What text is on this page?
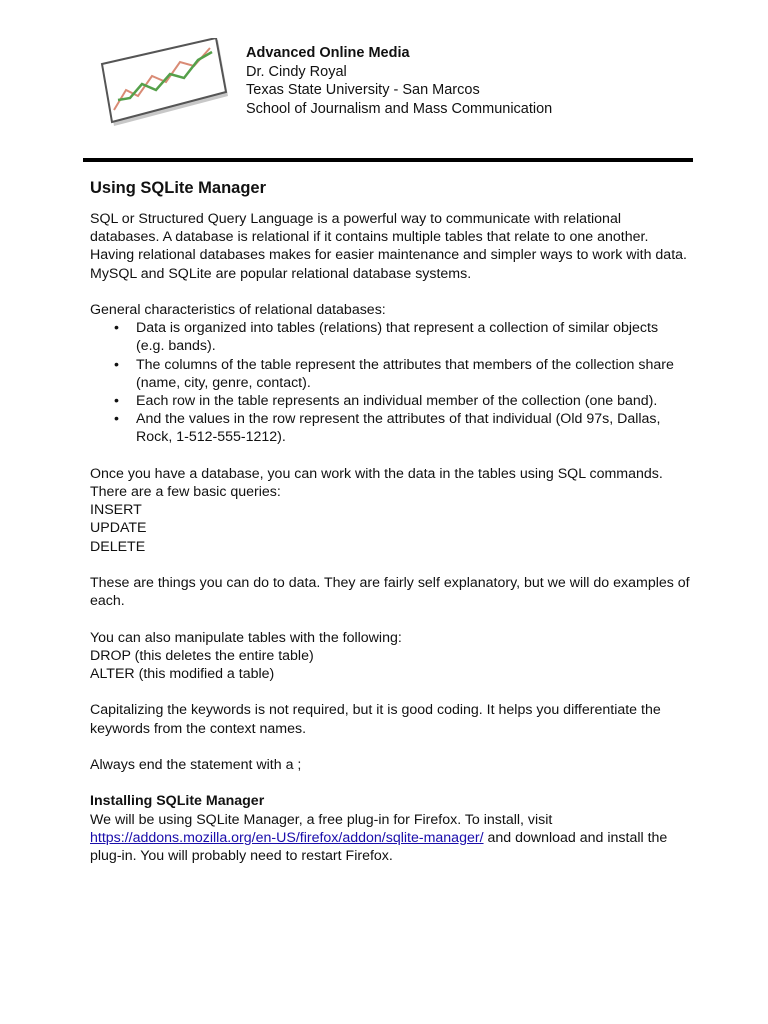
Advanced Online Media
Dr. Cindy Royal
Texas State University - San Marcos
School of Journalism and Mass Communication
Using SQLite Manager

SQL or Structured Query Language is a powerful way to communicate with relational databases. A database is relational if it contains multiple tables that relate to one another. Having relational databases makes for easier maintenance and simpler ways to work with data. MySQL and SQLite are popular relational database systems.

General characteristics of relational databases:

• Data is organized into tables (relations) that represent a collection of similar objects (e.g. bands).
• The columns of the table represent the attributes that members of the collection share (name, city, genre, contact).
• Each row in the table represents an individual member of the collection (one band).
• And the values in the row represent the attributes of that individual (Old 97s, Dallas, Rock, 1-512-555-1212).

Once you have a database, you can work with the data in the tables using SQL commands. There are a few basic queries:

INSERT
UPDATE
DELETE

These are things you can do to data. They are fairly self explanatory, but we will do examples of each.

You can also manipulate tables with the following:

DROP (this deletes the entire table)
ALTER (this modified a table)

Capitalizing the keywords is not required, but it is good coding. It helps you differentiate the keywords from the context names.

Always end the statement with a ;

Installing SQLite Manager
We will be using SQLite Manager, a free plug-in for Firefox. To install, visit https://addons.mozilla.org/en-US/firefox/addon/sqlite-manager/ and download and install the plug-in. You will probably need to restart Firefox.
